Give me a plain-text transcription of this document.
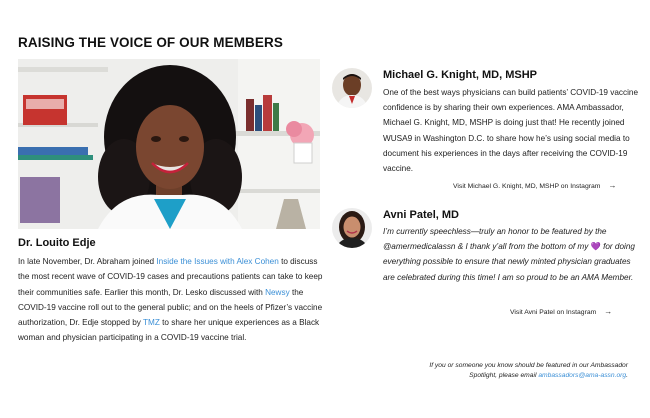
RAISING THE VOICE OF OUR MEMBERS
Dr. Louito Edje

In late November, Dr. Abraham joined Inside the Issues with Alex Cohen to discuss the most recent wave of COVID-19 cases and precautions patients can take to keep their communities safe. Earlier this month, Dr. Lesko discussed with Newsy the COVID-19 vaccine roll out to the general public; and on the heels of Pfizer’s vaccine authorization, Dr. Edje stopped by TMZ to share her unique experiences as a Black woman and physician participating in a COVID-19 vaccine trial.

Michael G. Knight, MD, MSHP

One of the best ways physicians can build patients’ COVID-19 vaccine confidence is by sharing their own experiences. AMA Ambassador, Michael G. Knight, MD, MSHP is doing just that! He recently joined WUSA9 in Washington D.C. to share how he’s using social media to document his experiences in the days after receiving the COVID-19 vaccine.

Visit Michael G. Knight, MD, MSHP on Instagram →
Avni Patel, MD

I’m currently speechless—truly an honor to be featured by the @amermedicalassn & I thank y’all from the bottom of my 💜 for doing everything possible to ensure that newly minted physician graduates are celebrated during this time! I am so proud to be an AMA Member.

Visit Avni Patel on Instagram →

If you or someone you know should be featured in our Ambassador Spotlight, please email ambassadors@ama-assn.org.
